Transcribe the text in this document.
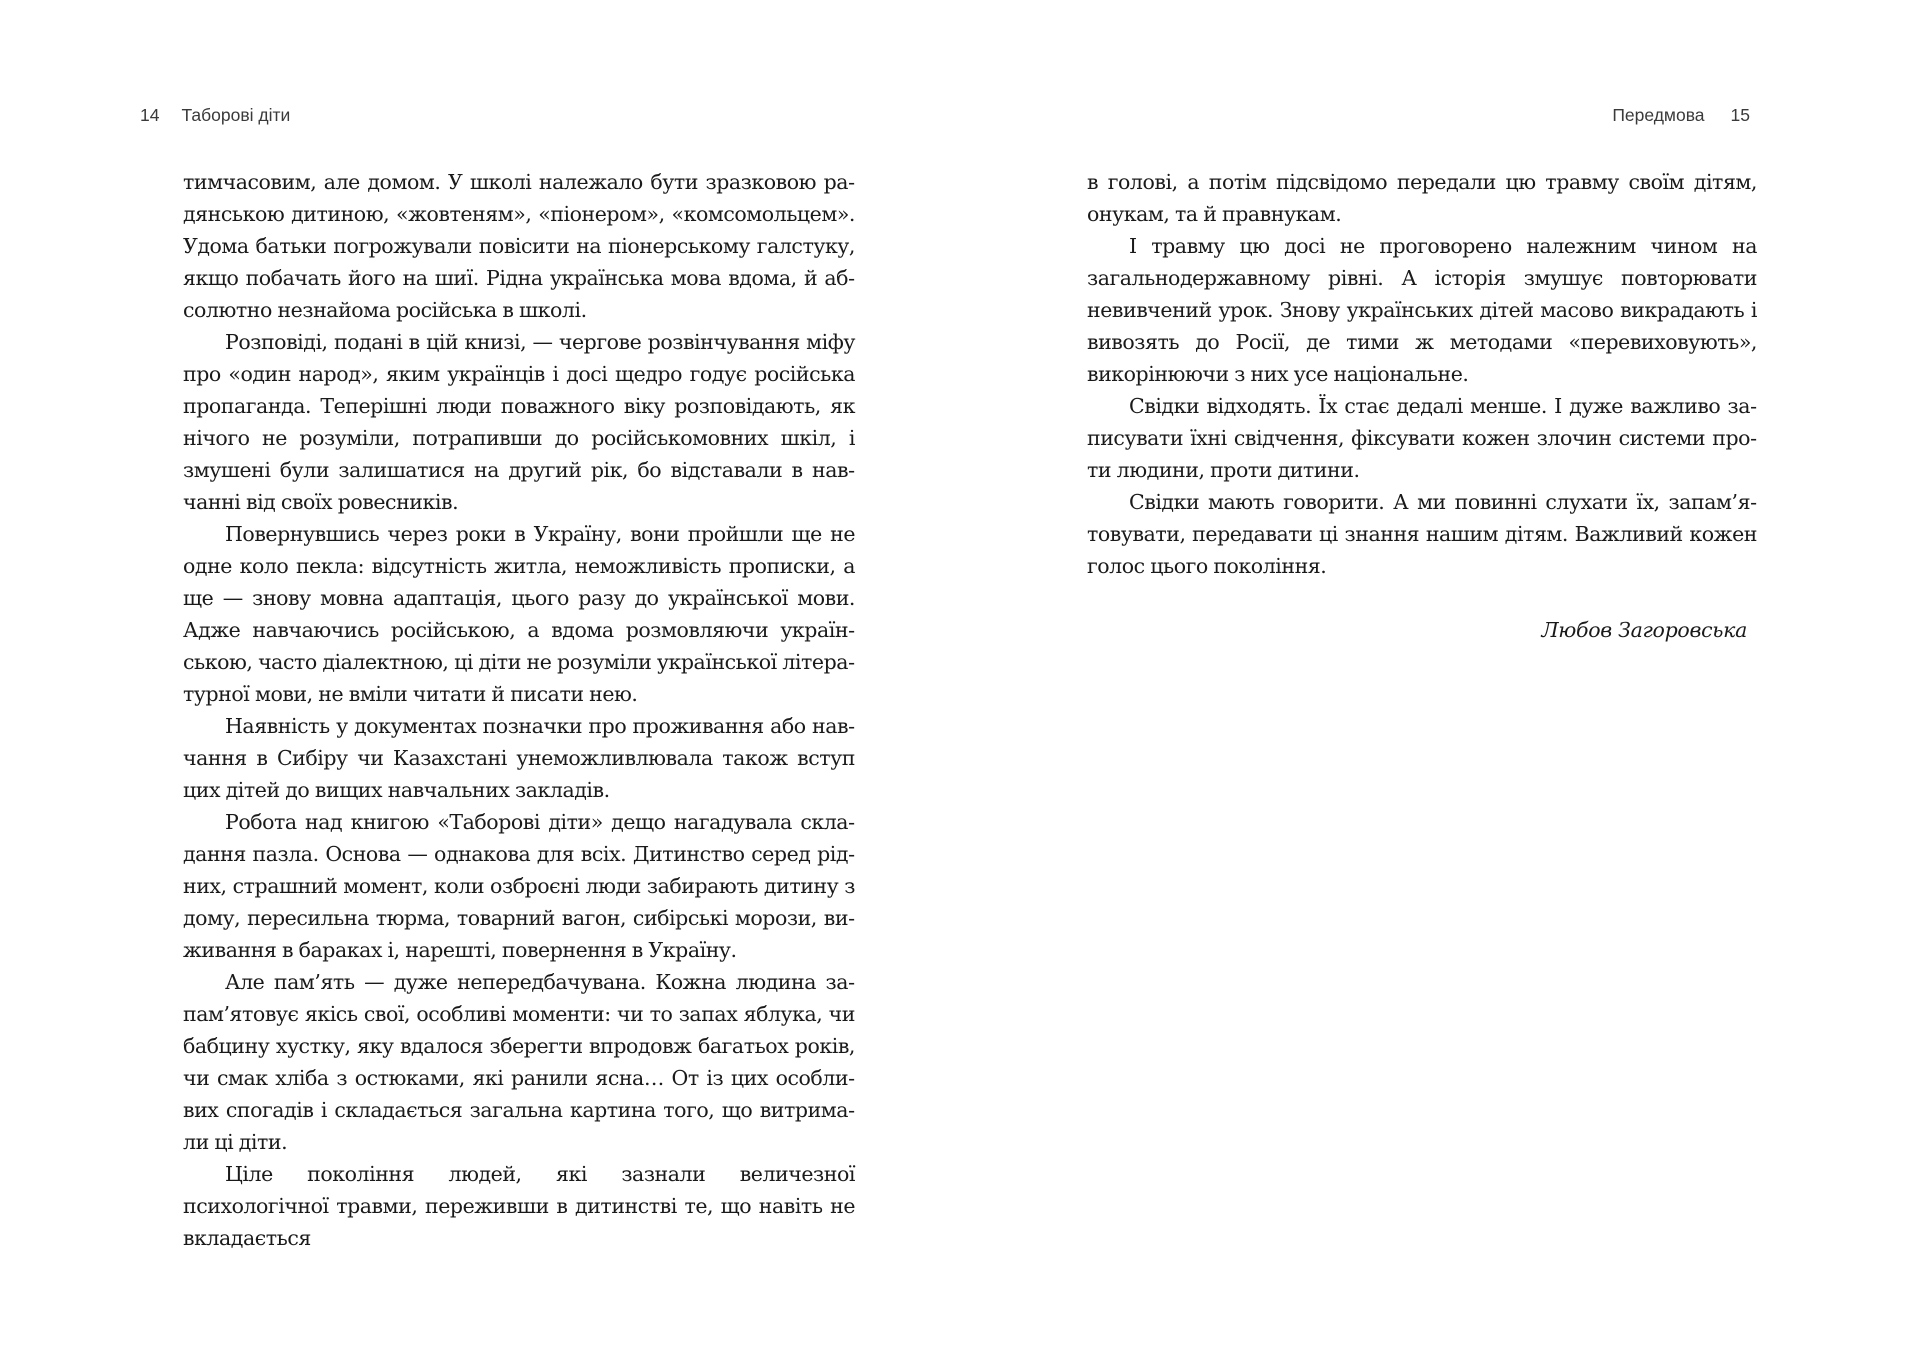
14 Таборові діти

тимчасовим, але домом. У школі належало бути зразковою радянською дитиною, «жовтеням», «піонером», «комсомольцем». Удома батьки погрожували повісити на піонерському галстуку, якщо побачать його на шиї. Рідна українська мова вдома, й абсолютно незнайома російська в школі.

Розповіді, подані в цій книзі, — чергове розвінчування міфу про «один народ», яким українців і досі щедро годує російська пропаганда. Теперішні люди поважного віку розповідають, як нічого не розуміли, потрапивши до російськомовних шкіл, і змушені були залишатися на другий рік, бо відставали в навчанні від своїх ровесників.

Повернувшись через роки в Україну, вони пройшли ще не одне коло пекла: відсутність житла, неможливість прописки, а ще — знову мовна адаптація, цього разу до української мови. Адже навчаючись російською, а вдома розмовляючи українською, часто діалектною, ці діти не розуміли української літературної мови, не вміли читати й писати нею.

Наявність у документах позначки про проживання або навчання в Сибіру чи Казахстані унеможливлювала також вступ цих дітей до вищих навчальних закладів.

Робота над книгою «Таборові діти» дещо нагадувала складання пазла. Основа — однакова для всіх. Дитинство серед рідних, страшний момент, коли озброєні люди забирають дитину з дому, пересильна тюрма, товарний вагон, сибірські морози, виживання в бараках і, нарешті, повернення в Україну.

Але пам’ять — дуже непередбачувана. Кожна людина запам’ятовує якісь свої, особливі моменти: чи то запах яблука, чи бабцину хустку, яку вдалося зберегти впродовж багатьох років, чи смак хліба з остюками, які ранили ясна… От із цих особливих спогадів і складається загальна картина того, що витримали ці діти.

Ціле покоління людей, які зазнали величезної психологічної травми, переживши в дитинстві те, що навіть не вкладається

Передмова 15

в голові, а потім підсвідомо передали цю травму своїм дітям, онукам, та й правнукам.

І травму цю досі не проговорено належним чином на загальнодержавному рівні. А історія змушує повторювати невивчений урок. Знову українських дітей масово викрадають і вивозять до Росії, де тими ж методами «перевиховують», викорінюючи з них усе національне.

Свідки відходять. Їх стає дедалі менше. І дуже важливо записувати їхні свідчення, фіксувати кожен злочин системи проти людини, проти дитини.

Свідки мають говорити. А ми повинні слухати їх, запам’ятовувати, передавати ці знання нашим дітям. Важливий кожен голос цього покоління.

Любов Загоровська
